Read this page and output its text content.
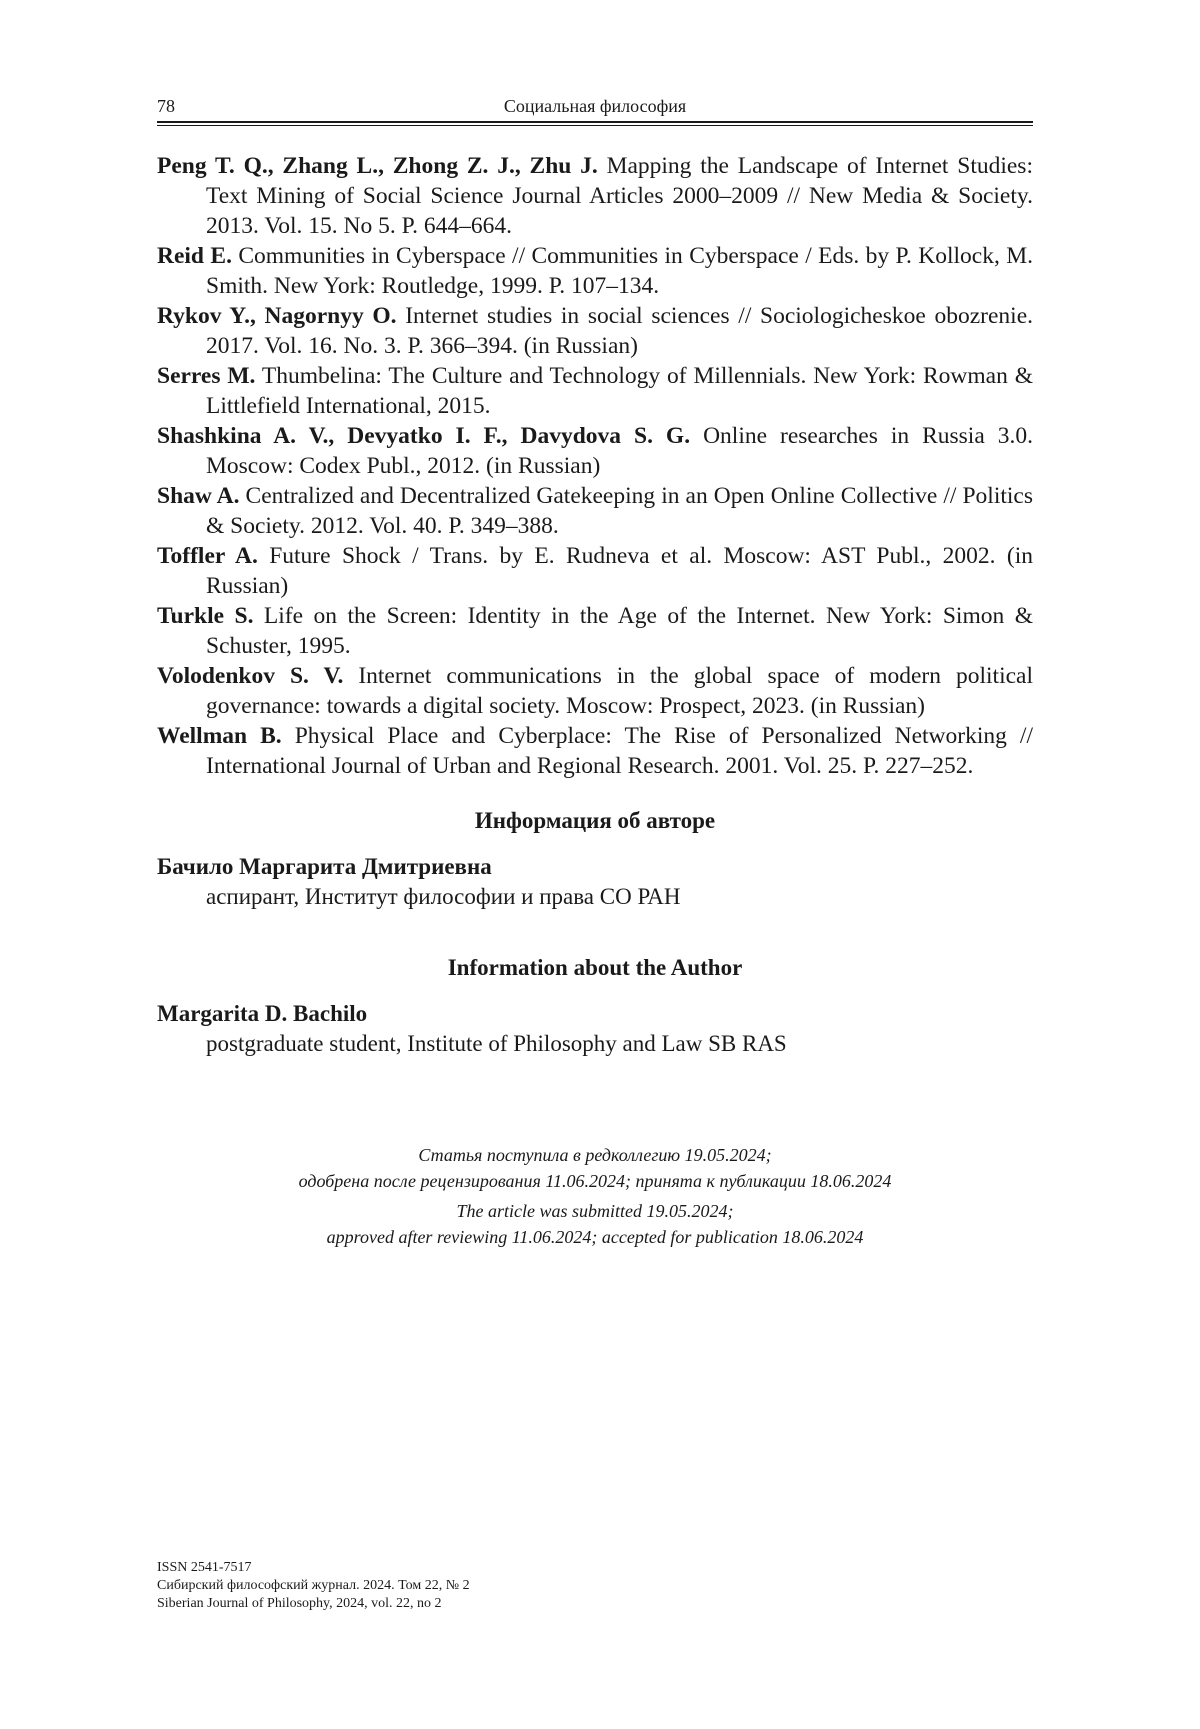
78	Социальная философия

Peng T. Q., Zhang L., Zhong Z. J., Zhu J. Mapping the Landscape of Internet Studies: Text Mining of Social Science Journal Articles 2000–2009 // New Media & Society. 2013. Vol. 15. No 5. P. 644–664.

Reid E. Communities in Cyberspace // Communities in Cyberspace / Eds. by P. Kollock, M. Smith. New York: Routledge, 1999. P. 107–134.

Rykov Y., Nagornyy O. Internet studies in social sciences // Sociologicheskoe obozrenie. 2017. Vol. 16. No. 3. P. 366–394. (in Russian)

Serres M. Thumbelina: The Culture and Technology of Millennials. New York: Rowman & Littlefield International, 2015.

Shashkina A. V., Devyatko I. F., Davydova S. G. Online researches in Russia 3.0. Moscow: Codex Publ., 2012. (in Russian)

Shaw A. Centralized and Decentralized Gatekeeping in an Open Online Collective // Politics & Society. 2012. Vol. 40. P. 349–388.

Toffler A. Future Shock / Trans. by E. Rudneva et al. Moscow: AST Publ., 2002. (in Russian)

Turkle S. Life on the Screen: Identity in the Age of the Internet. New York: Simon & Schuster, 1995.

Volodenkov S. V. Internet communications in the global space of modern political governance: towards a digital society. Moscow: Prospect, 2023. (in Russian)

Wellman B. Physical Place and Cyberplace: The Rise of Personalized Networking // International Journal of Urban and Regional Research. 2001. Vol. 25. P. 227–252.

Информация об авторе

Бачило Маргарита Дмитриевна

аспирант, Институт философии и права СО РАН

Information about the Author

Margarita D. Bachilo

postgraduate student, Institute of Philosophy and Law SB RAS

Статья поступила в редколлегию 19.05.2024;

одобрена после рецензирования 11.06.2024; принята к публикации 18.06.2024

The article was submitted 19.05.2024;

approved after reviewing 11.06.2024; accepted for publication 18.06.2024

ISSN 2541-7517

Сибирский философский журнал. 2024. Том 22, № 2

Siberian Journal of Philosophy, 2024, vol. 22, no 2
